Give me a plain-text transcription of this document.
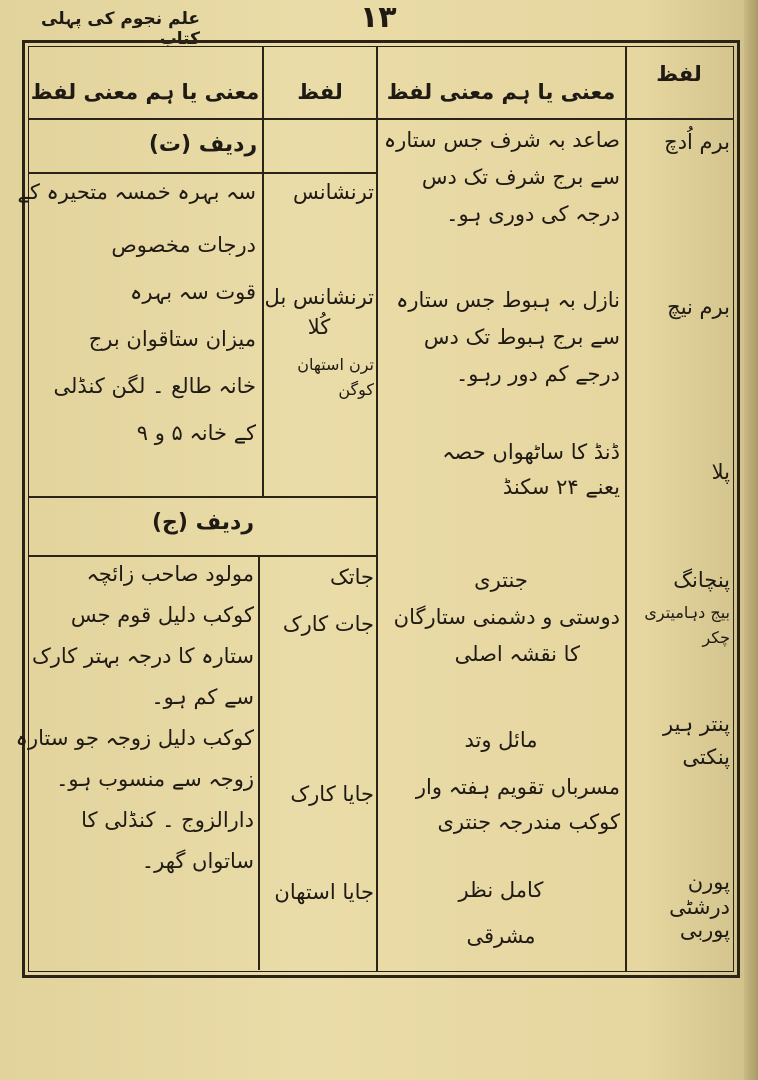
۱۳
علم نجوم کی پہلی کتاب
لفظ
معنی یا ہم معنی لفظ
لفظ
معنی یا ہم معنی لفظ
برم اُدچ
برم نیچ
پلا
پنچانگ
بیج دہامیتری چکر
پنتر ہیر
پنکتی
پورن درشٹی
پوربی
صاعد بہ شرف جس ستارہ
سے برج شرف تک دس
درجہ کی دوری ہو۔
نازل بہ ہبوط جس ستارہ
سے برج ہبوط تک دس
درجے کم دور رہو۔
ڈنڈ کا ساٹھواں حصہ
یعنے ۲۴ سکنڈ
جنتری
دوستی و دشمنی ستارگان
کا نقشہ اصلی
مائل وتد
مسرباں تقویم ہفتہ وار
کوکب مندرجہ جنتری
کامل نظر
مشرقی
ردیف (ت)
ترنشانس
ترنشانس بل
کُلا
ترن استھان کوگن
سہ بہرہ خمسہ متحیرہ کے
درجات مخصوص
قوت سہ بہرہ
میزان ستاقوان برج
خانہ طالع ۔ لگن کنڈلی
کے خانہ ۵ و ۹
ردیف (ج)
جاتک
جات کارک
جایا کارک
جایا استھان
مولود صاحب زائچہ
کوکب دلیل قوم جس
ستارہ کا درجہ بہتر کارک
سے کم ہو۔
کوکب دلیل زوجہ جو ستارہ
زوجہ سے منسوب ہو۔
دارالزوج ۔ کنڈلی کا
ساتواں گھر۔
